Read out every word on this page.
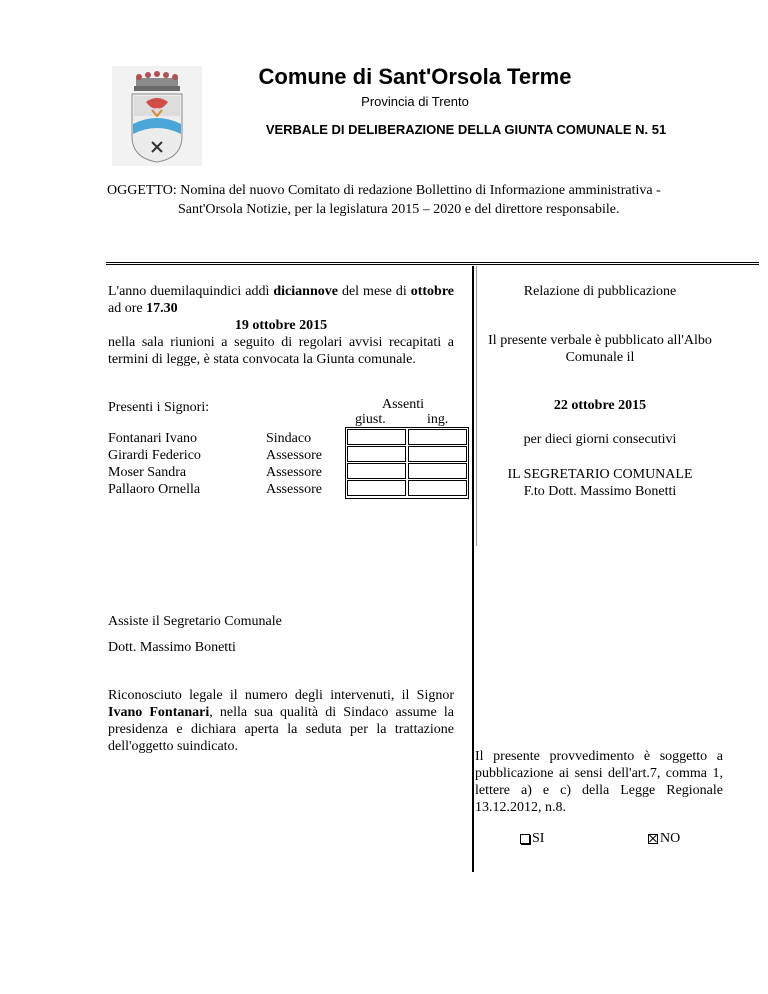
Comune di Sant'Orsola Terme
Provincia di Trento
VERBALE DI DELIBERAZIONE DELLA GIUNTA COMUNALE N. 51
OGGETTO: Nomina del nuovo Comitato di redazione Bollettino di Informazione amministrativa -
Sant'Orsola Notizie, per la legislatura 2015 – 2020 e del direttore responsabile.
L'anno duemilaquindici addì diciannove del mese di ottobre ad ore 17.30
19 ottobre 2015
nella sala riunioni a seguito di regolari avvisi recapitati a termini di legge, è stata convocata la Giunta comunale.
Presenti i Signori:	Assenti
giust.	ing.
Fontanari Ivano	Sindaco
Girardi Federico	Assessore
Moser Sandra	Assessore
Pallaoro Ornella	Assessore
Assiste il Segretario Comunale
Dott. Massimo Bonetti
Riconosciuto legale il numero degli intervenuti, il Signor Ivano Fontanari, nella sua qualità di Sindaco assume la presidenza e dichiara aperta la seduta per la trattazione dell'oggetto suindicato.
Relazione di pubblicazione
Il presente verbale è pubblicato all'Albo Comunale il
22 ottobre 2015
per dieci giorni consecutivi
IL SEGRETARIO COMUNALE
F.to Dott. Massimo Bonetti
Il presente provvedimento è soggetto a pubblicazione ai sensi dell'art.7, comma 1, lettere a) e c) della Legge Regionale 13.12.2012, n.8.
SI	NO
